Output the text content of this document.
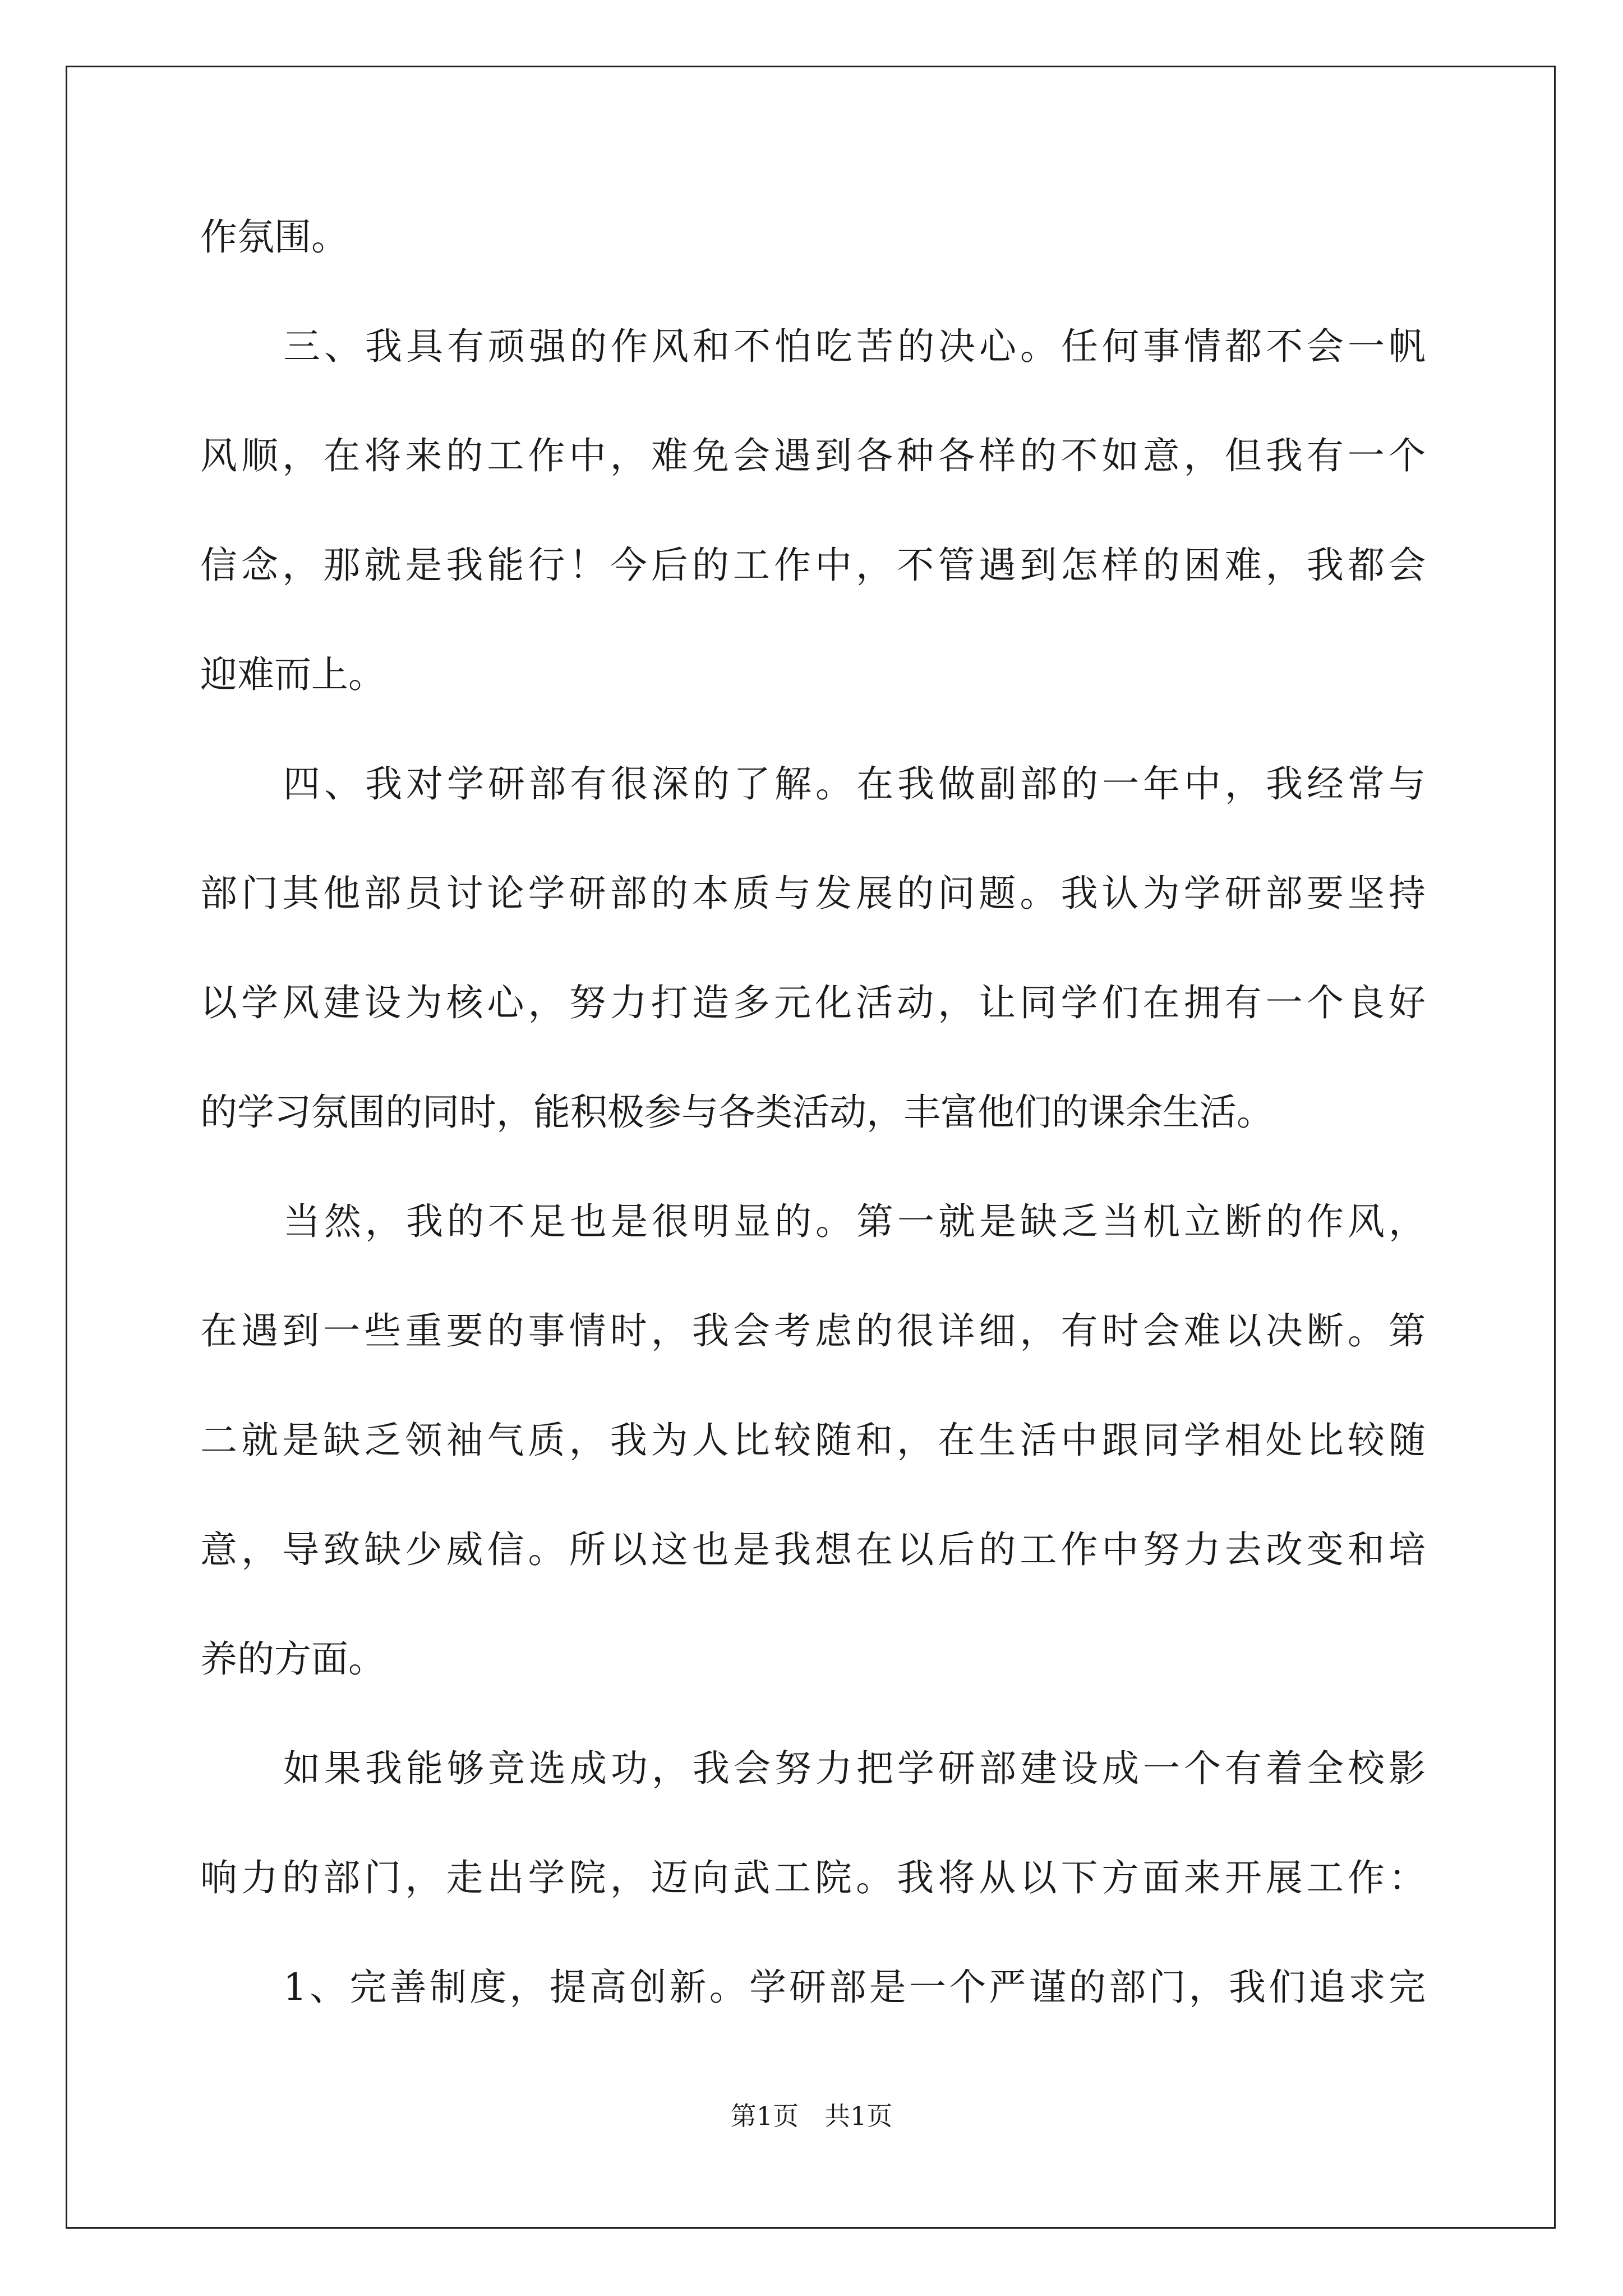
作氛围。
三、我具有顽强的作风和不怕吃苦的决心。任何事情都不会一帆
风顺，在将来的工作中，难免会遇到各种各样的不如意，但我有一个
信念，那就是我能行！今后的工作中，不管遇到怎样的困难，我都会
迎难而上。
四、我对学研部有很深的了解。在我做副部的一年中，我经常与
部门其他部员讨论学研部的本质与发展的问题。我认为学研部要坚持
以学风建设为核心，努力打造多元化活动，让同学们在拥有一个良好
的学习氛围的同时，能积极参与各类活动，丰富他们的课余生活。
当然，我的不足也是很明显的。第一就是缺乏当机立断的作风，
在遇到一些重要的事情时，我会考虑的很详细，有时会难以决断。第
二就是缺乏领袖气质，我为人比较随和，在生活中跟同学相处比较随
意，导致缺少威信。所以这也是我想在以后的工作中努力去改变和培
养的方面。
如果我能够竞选成功，我会努力把学研部建设成一个有着全校影
响力的部门，走出学院，迈向武工院。我将从以下方面来开展工作：
1、完善制度，提高创新。学研部是一个严谨的部门，我们追求完
第1页　共1页
